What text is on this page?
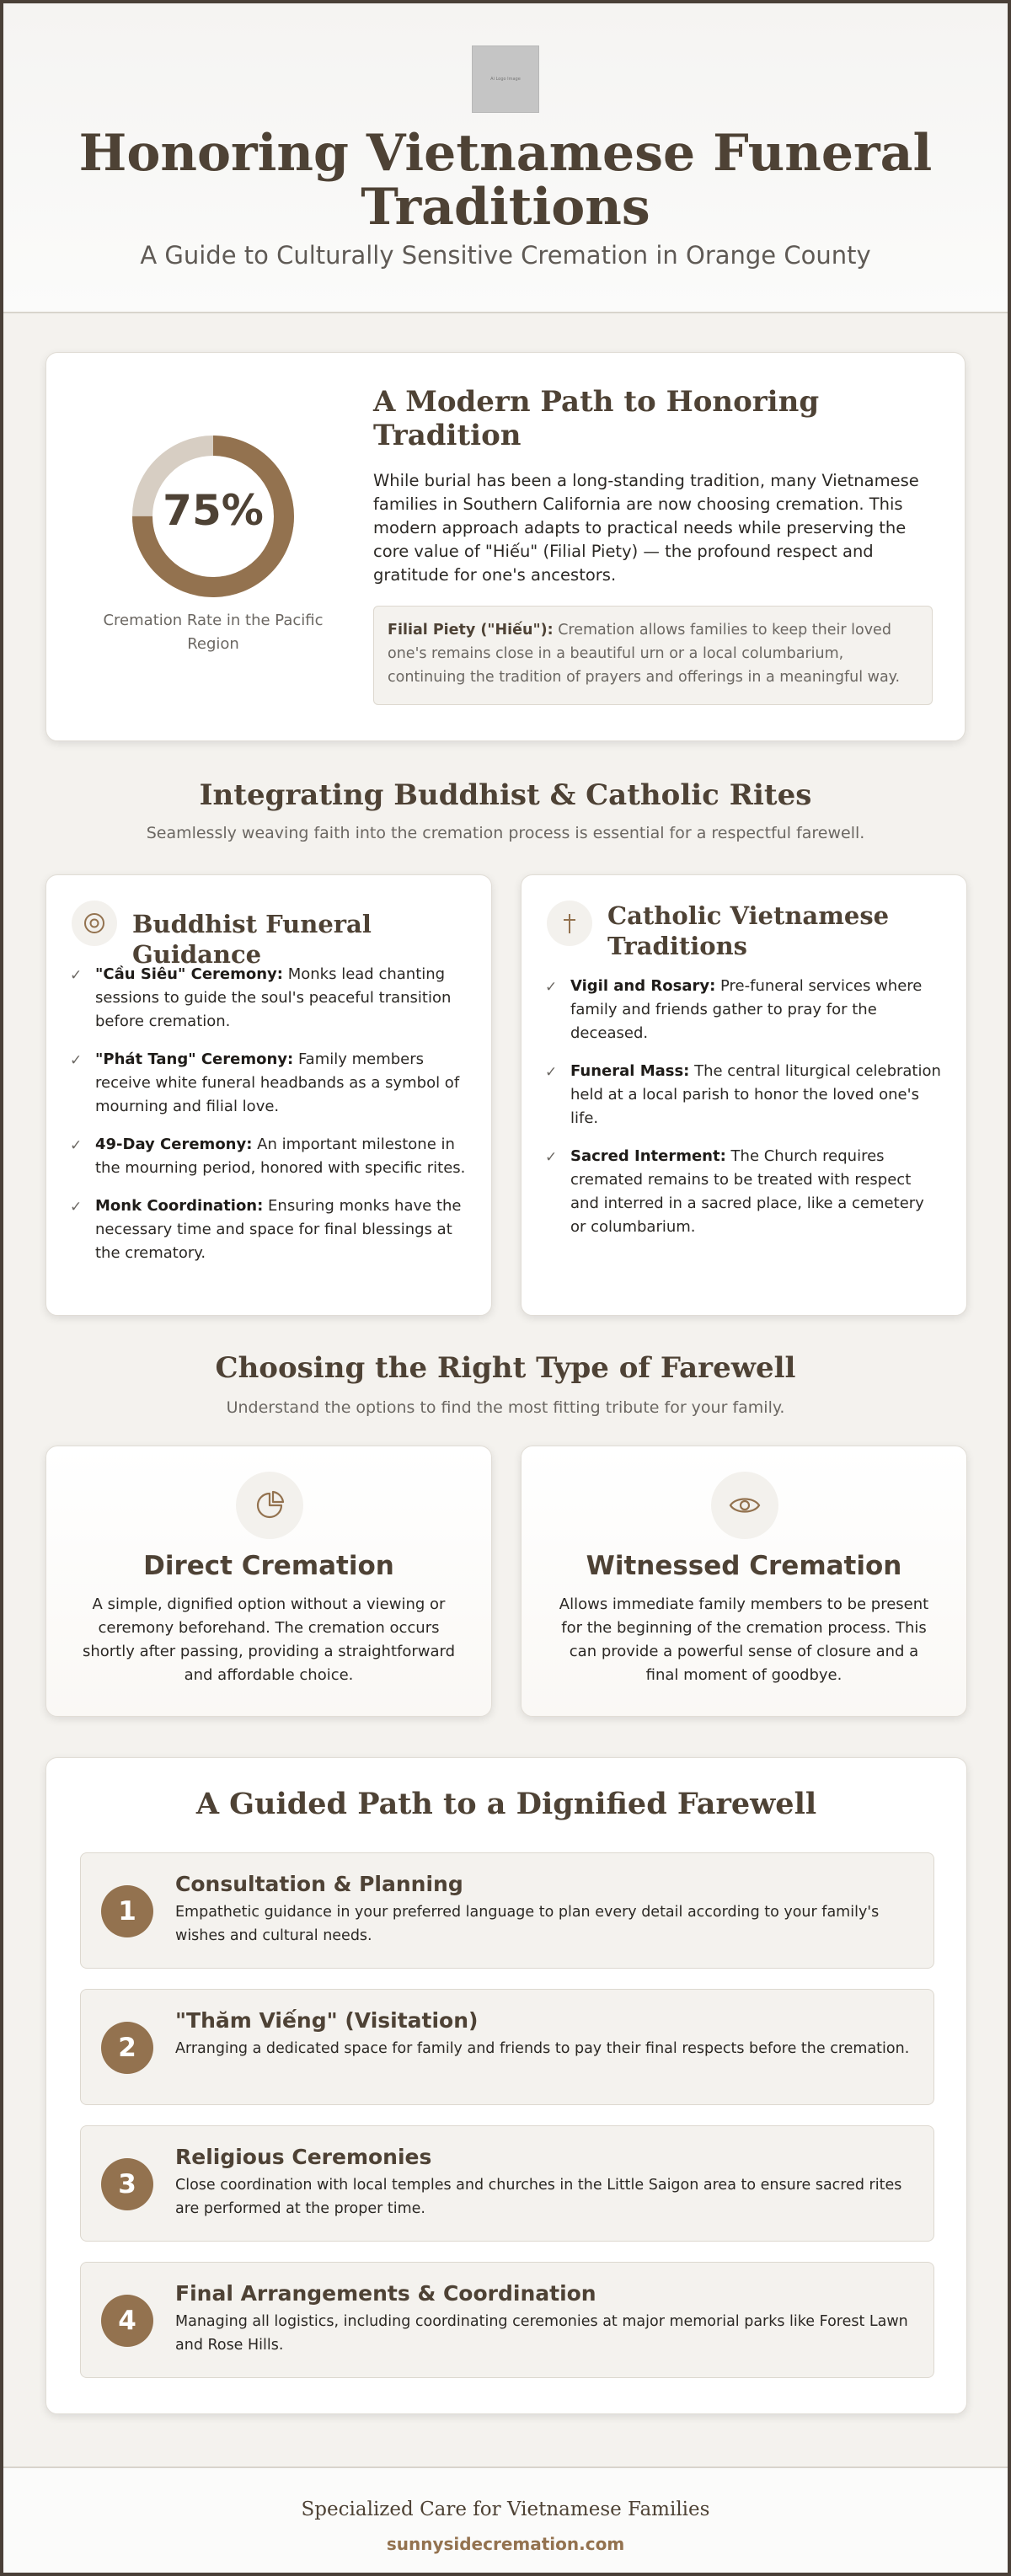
Ai Logo Image
Honoring Vietnamese Funeral
Traditions
A Guide to Culturally Sensitive Cremation in Orange County
75%
Cremation Rate in the Pacific Region
A Modern Path to Honoring Tradition

While burial has been a long-standing tradition, many Vietnamese families in Southern California are now choosing cremation. This modern approach adapts to practical needs while preserving the core value of "Hiếu" (Filial Piety) — the profound respect and gratitude for one's ancestors.

Filial Piety ("Hiếu"): Cremation allows families to keep their loved one's remains close in a beautiful urn or a local columbarium, continuing the tradition of prayers and offerings in a meaningful way.
Integrating Buddhist & Catholic Rites

Seamlessly weaving faith into the cremation process is essential for a respectful farewell.

Buddhist Funeral Guidance
✓ "Cầu Siêu" Ceremony: Monks lead chanting sessions to guide the soul's peaceful transition before cremation.
✓ "Phát Tang" Ceremony: Family members receive white funeral headbands as a symbol of mourning and filial love.
✓ 49-Day Ceremony: An important milestone in the mourning period, honored with specific rites.
✓ Monk Coordination: Ensuring monks have the necessary time and space for final blessings at the crematory.
Catholic Vietnamese Traditions
✓ Vigil and Rosary: Pre-funeral services where family and friends gather to pray for the deceased.
✓ Funeral Mass: The central liturgical celebration held at a local parish to honor the loved one's life.
✓ Sacred Interment: The Church requires cremated remains to be treated with respect and interred in a sacred place, like a cemetery or columbarium.
Choosing the Right Type of Farewell

Understand the options to find the most fitting tribute for your family.

Direct Cremation

A simple, dignified option without a viewing or ceremony beforehand. The cremation occurs shortly after passing, providing a straightforward and affordable choice.

Witnessed Cremation

Allows immediate family members to be present for the beginning of the cremation process. This can provide a powerful sense of closure and a final moment of goodbye.

A Guided Path to a Dignified Farewell
1
Consultation & Planning

Empathetic guidance in your preferred language to plan every detail according to your family's wishes and cultural needs.

2
"Thăm Viếng" (Visitation)

Arranging a dedicated space for family and friends to pay their final respects before the cremation.

3
Religious Ceremonies

Close coordination with local temples and churches in the Little Saigon area to ensure sacred rites are performed at the proper time.

4
Final Arrangements & Coordination

Managing all logistics, including coordinating ceremonies at major memorial parks like Forest Lawn and Rose Hills.

Specialized Care for Vietnamese Families

sunnysidecremation.com
